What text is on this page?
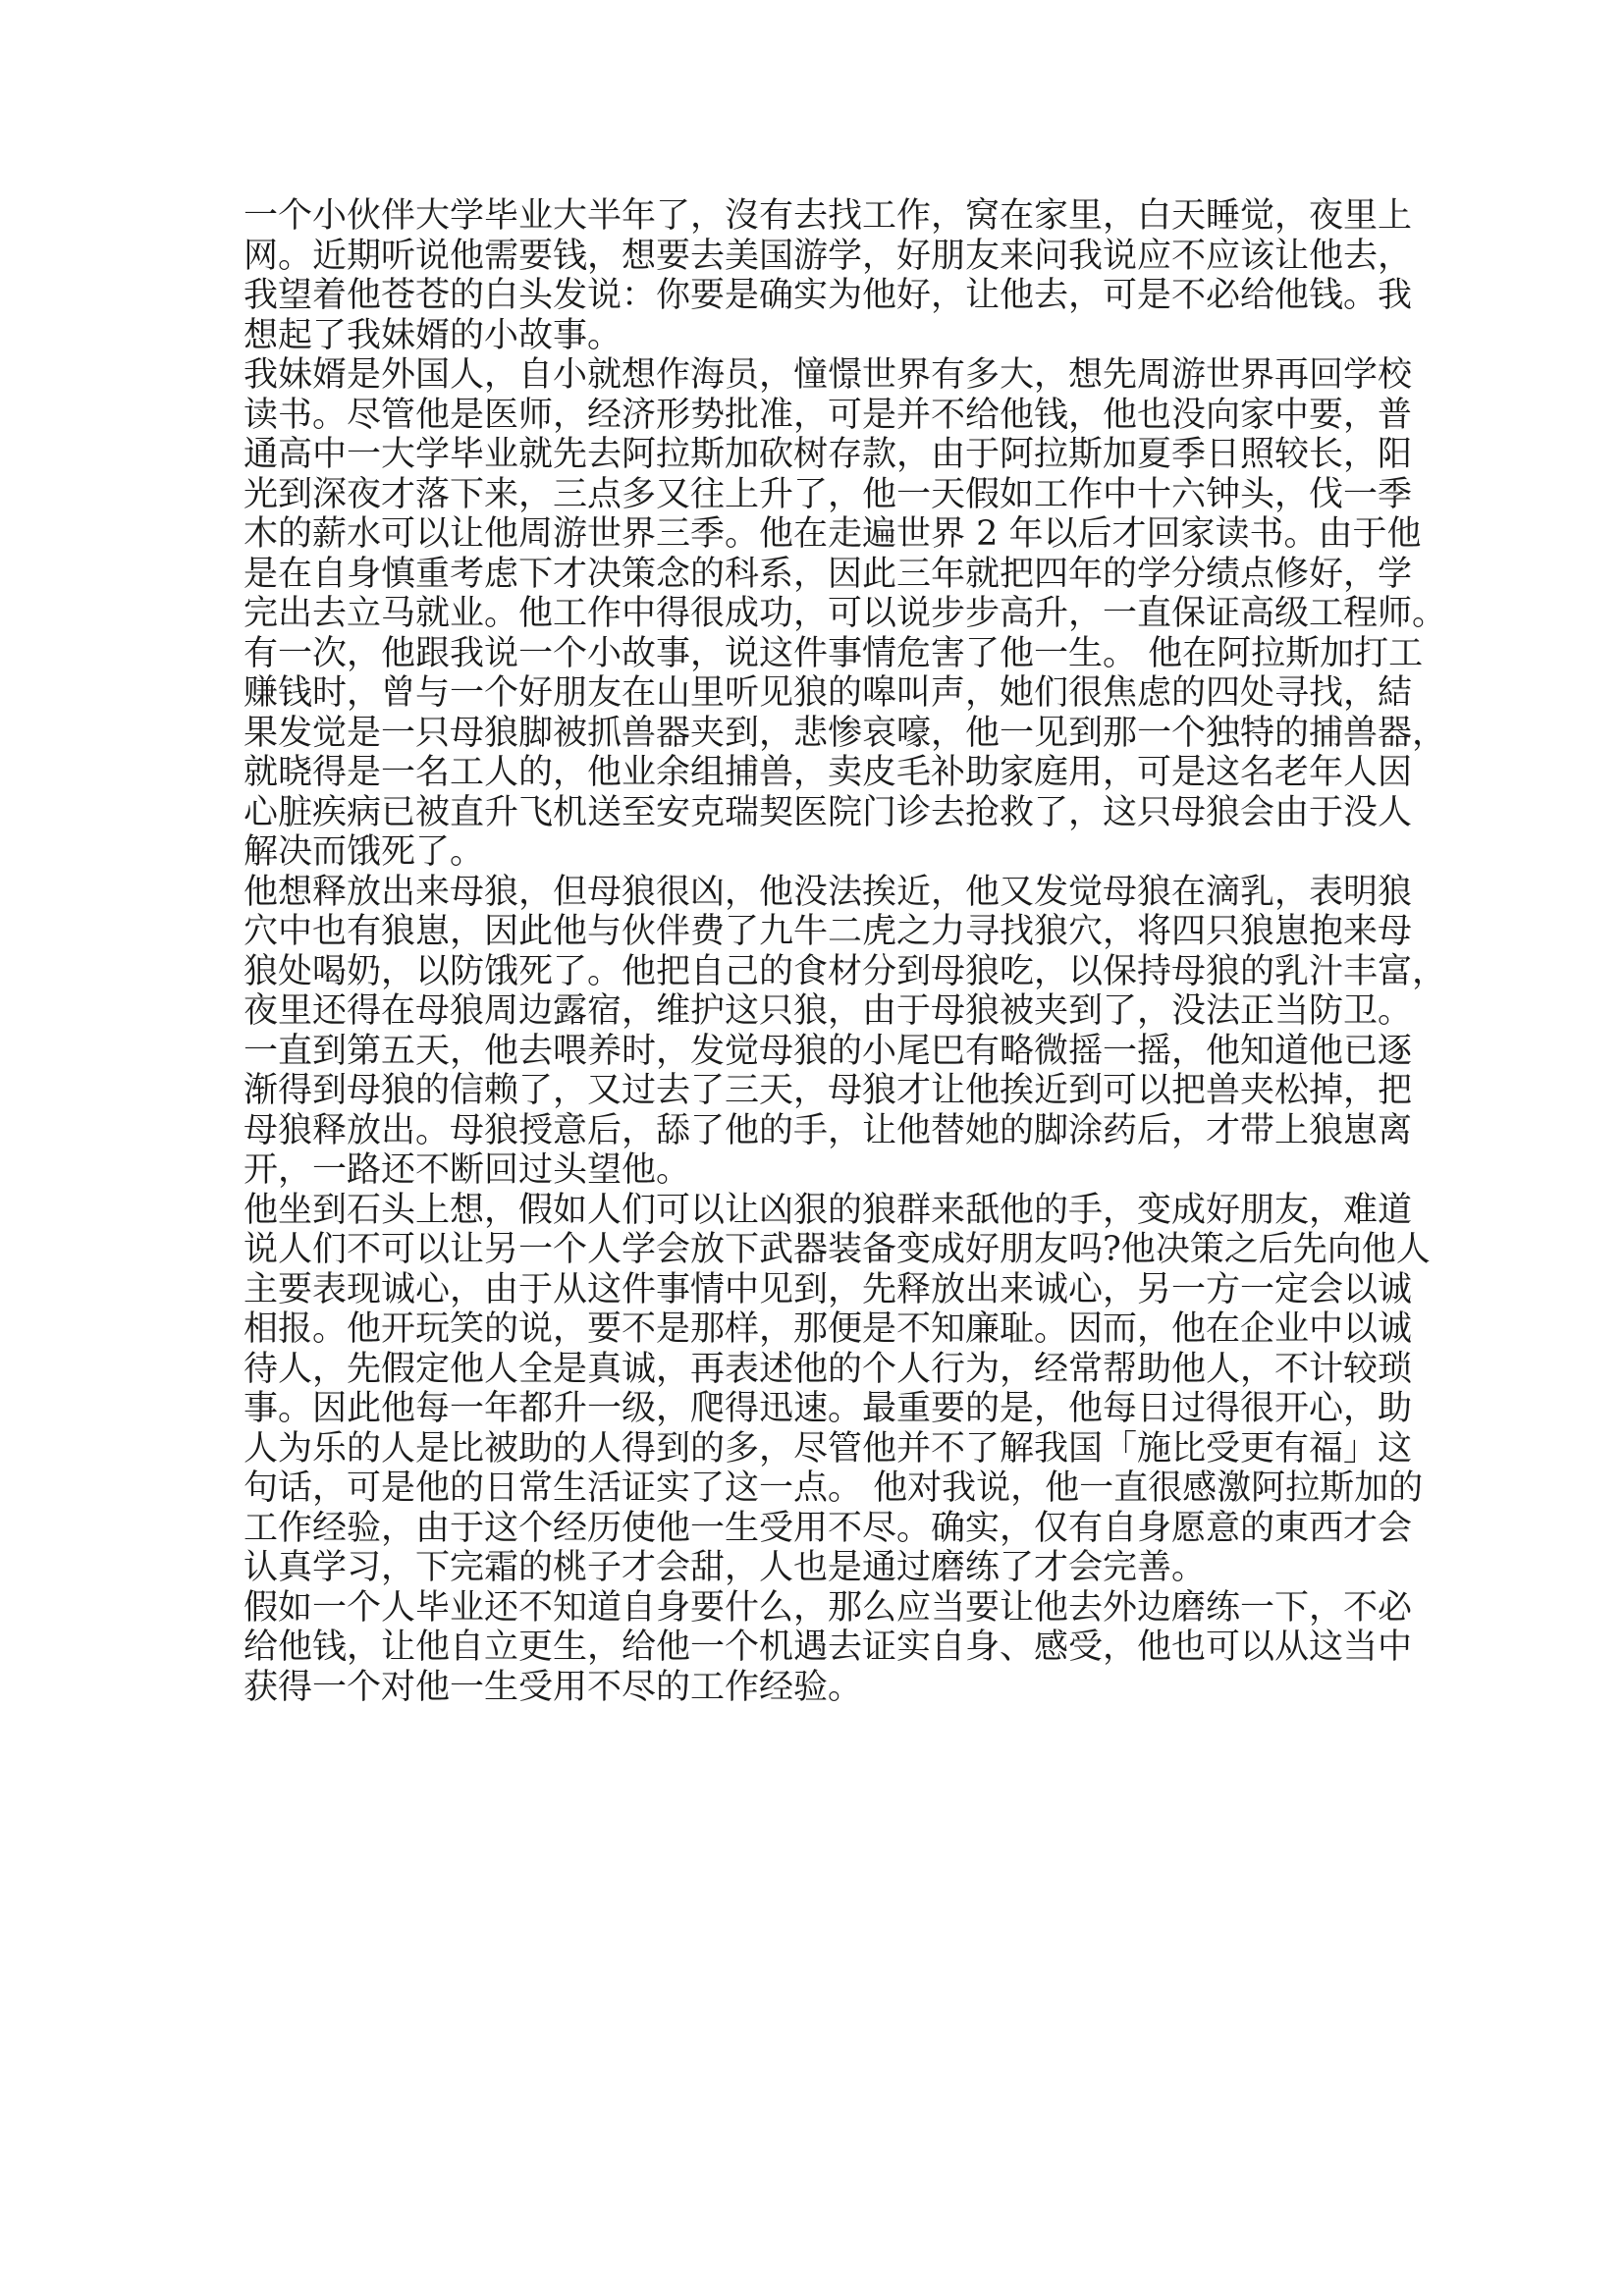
一个小伙伴大学毕业大半年了，沒有去找工作，窝在家里，白天睡觉，夜里上
网。近期听说他需要钱，想要去美国游学，好朋友来问我说应不应该让他去，
我望着他苍苍的白头发说：你要是确实为他好，让他去，可是不必给他钱。我
想起了我妹婿的小故事。
我妹婿是外国人，自小就想作海员，憧憬世界有多大，想先周游世界再回学校
读书。尽管他是医师，经济形势批准，可是并不给他钱，他也没向家中要，普
通高中一大学毕业就先去阿拉斯加砍树存款，由于阿拉斯加夏季日照较长，阳
光到深夜才落下来，三点多又往上升了，他一天假如工作中十六钟头，伐一季
木的薪水可以让他周游世界三季。他在走遍世界 2 年以后才回家读书。由于他
是在自身慎重考虑下才决策念的科系，因此三年就把四年的学分绩点修好，学
完出去立马就业。他工作中得很成功，可以说步步高升，一直保证高级工程师。
有一次，他跟我说一个小故事，说这件事情危害了他一生。 他在阿拉斯加打工
赚钱时，曾与一个好朋友在山里听见狼的嗥叫声，她们很焦虑的四处寻找，結
果发觉是一只母狼脚被抓兽器夹到，悲惨哀嚎，他一见到那一个独特的捕兽器，
就晓得是一名工人的，他业余组捕兽，卖皮毛补助家庭用，可是这名老年人因
心脏疾病已被直升飞机送至安克瑞契医院门诊去抢救了，这只母狼会由于没人
解决而饿死了。
他想释放出来母狼，但母狼很凶，他没法挨近，他又发觉母狼在滴乳，表明狼
穴中也有狼崽，因此他与伙伴费了九牛二虎之力寻找狼穴，将四只狼崽抱来母
狼处喝奶，以防饿死了。他把自己的食材分到母狼吃，以保持母狼的乳汁丰富，
夜里还得在母狼周边露宿，维护这只狼，由于母狼被夹到了，没法正当防卫。
一直到第五天，他去喂养时，发觉母狼的小尾巴有略微摇一摇，他知道他已逐
渐得到母狼的信赖了，又过去了三天，母狼才让他挨近到可以把兽夹松掉，把
母狼释放出。母狼授意后，舔了他的手，让他替她的脚涂药后，才带上狼崽离
开，一路还不断回过头望他。
他坐到石头上想，假如人们可以让凶狠的狼群来舐他的手，变成好朋友，难道
说人们不可以让另一个人学会放下武器装备变成好朋友吗?他决策之后先向他人
主要表现诚心，由于从这件事情中见到，先释放出来诚心，另一方一定会以诚
相报。他开玩笑的说，要不是那样，那便是不知廉耻。因而，他在企业中以诚
待人，先假定他人全是真诚，再表述他的个人行为，经常帮助他人，不计较琐
事。因此他每一年都升一级，爬得迅速。最重要的是，他每日过得很开心，助
人为乐的人是比被助的人得到的多，尽管他并不了解我国「施比受更有福」这
句话，可是他的日常生活证实了这一点。 他对我说，他一直很感激阿拉斯加的
工作经验，由于这个经历使他一生受用不尽。确实，仅有自身愿意的東西才会
认真学习，下完霜的桃子才会甜，人也是通过磨练了才会完善。
假如一个人毕业还不知道自身要什么，那么应当要让他去外边磨练一下，不必
给他钱，让他自立更生，给他一个机遇去证实自身、感受，他也可以从这当中
获得一个对他一生受用不尽的工作经验。
